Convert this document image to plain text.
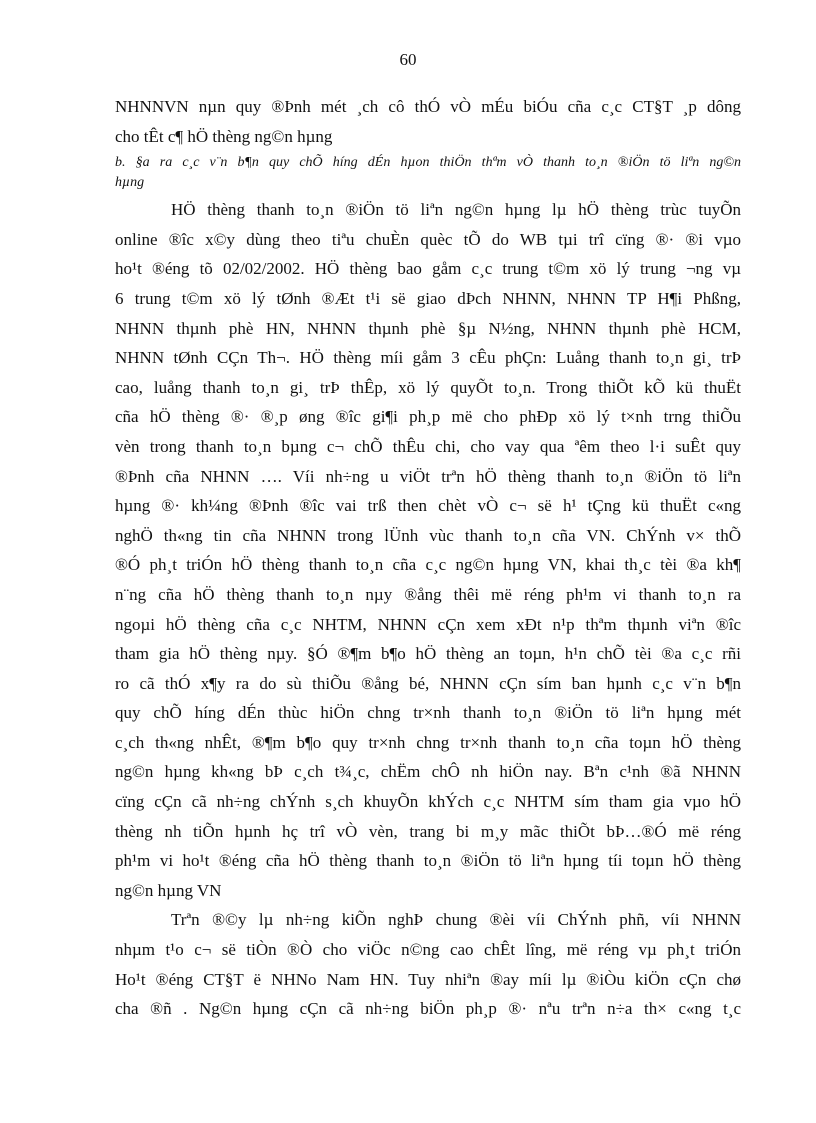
60
NHNNVN nµn quy ®Þnh mét ¸ch cô thÓ vÒ mÉu biÓu cña c¸c CT§T ¸p dông
cho tÊt c¶ hÖ thèng ng©n hµng
b. §a ra c¸c v¨n b¶n quy chÕ híng dÉn hµon thiÖn thªm vÒ thanh to¸n ®iÖn tö liªn ng©n
hµng
HÖ thèng thanh to¸n ®iÖn tö liªn ng©n hµng lµ hÖ thèng trùc tuyÕn
online ®îc x©y dùng theo tiªu chuÈn quèc tÕ do WB tµi trî cïng ®· ®i vµo
ho¹t ®éng tõ 02/02/2002. HÖ thèng bao gåm c¸c trung t©m xö lý trung ¬ng vµ
6 trung t©m xö lý tØnh ®Æt t¹i së giao dÞch NHNN, NHNN TP H¶i Phßng,
NHNN thµnh phè HN, NHNN thµnh phè §µ N½ng, NHNN thµnh phè HCM,
NHNN tØnh CÇn Th¬. HÖ thèng míi gåm 3 cÊu phÇn: Luång thanh to¸n gi¸ trÞ
cao, luång thanh to¸n gi¸ trÞ thÊp, xö lý quyÕt to¸n. Trong thiÕt kÕ kü thuËt
cña hÖ thèng ®· ®¸p øng ®îc gi¶i ph¸p më cho phÐp xö lý t×nh trng thiÕu
vèn trong thanh to¸n bµng c¬ chÕ thÊu chi, cho vay qua ªêm theo l·i suÊt quy
®Þnh cña NHNN …. Víi nh÷ng u viÖt trªn hÖ thèng thanh to¸n ®iÖn tö liªn
hµng ®· kh¼ng ®Þnh ®îc vai trß then chèt vÒ c¬ së h¹ tÇng kü thuËt c«ng
nghÖ th«ng tin cña NHNN trong lÜnh vùc thanh to¸n cña VN. ChÝnh v× thÕ
®Ó ph¸t triÓn hÖ thèng thanh to¸n cña c¸c ng©n hµng VN, khai th¸c tèi ®a kh¶
n¨ng cña hÖ thèng thanh to¸n nµy ®ång thêi më réng ph¹m vi thanh to¸n ra
ngoµi hÖ thèng cña c¸c NHTM, NHNN cÇn xem xÐt n¹p thªm thµnh viªn ®îc
tham gia hÖ thèng nµy. §Ó ®¶m b¶o hÖ thèng an toµn, h¹n chÕ tèi ®a c¸c rñi
ro cã thÓ x¶y ra do sù thiÕu ®ång bé, NHNN cÇn sím ban hµnh c¸c v¨n b¶n
quy chÕ híng dÉn thùc hiÖn chng tr×nh thanh to¸n ®iÖn tö liªn hµng mét
c¸ch th«ng nhÊt, ®¶m b¶o quy tr×nh chng tr×nh thanh to¸n cña toµn hÖ thèng
ng©n hµng kh«ng bÞ c¸ch t¾¸c, chËm chÔ nh hiÖn nay. Bªn c¹nh ®ã NHNN
cïng cÇn cã nh÷ng chÝnh s¸ch khuyÕn khÝch c¸c NHTM sím tham gia vµo hÖ
thèng nh tiÕn hµnh hç trî vÒ vèn, trang bi m¸y mãc thiÕt bÞ…®Ó më réng
ph¹m vi ho¹t ®éng cña hÖ thèng thanh to¸n ®iÖn tö liªn hµng tíi toµn hÖ thèng
ng©n hµng VN
Trªn ®©y lµ nh÷ng kiÕn nghÞ chung ®èi víi ChÝnh phñ, víi NHNN
nhµm t¹o c¬ së tiÒn ®Ò cho viÖc n©ng cao chÊt lîng, më réng vµ ph¸t triÓn
Ho¹t ®éng CT§T ë NHNo Nam HN. Tuy nhiªn ®ay míi lµ ®iÒu kiÖn cÇn chø
cha ®ñ . Ng©n hµng cÇn cã nh÷ng biÖn ph¸p ®· nªu trªn n÷a th× c«ng t¸c
